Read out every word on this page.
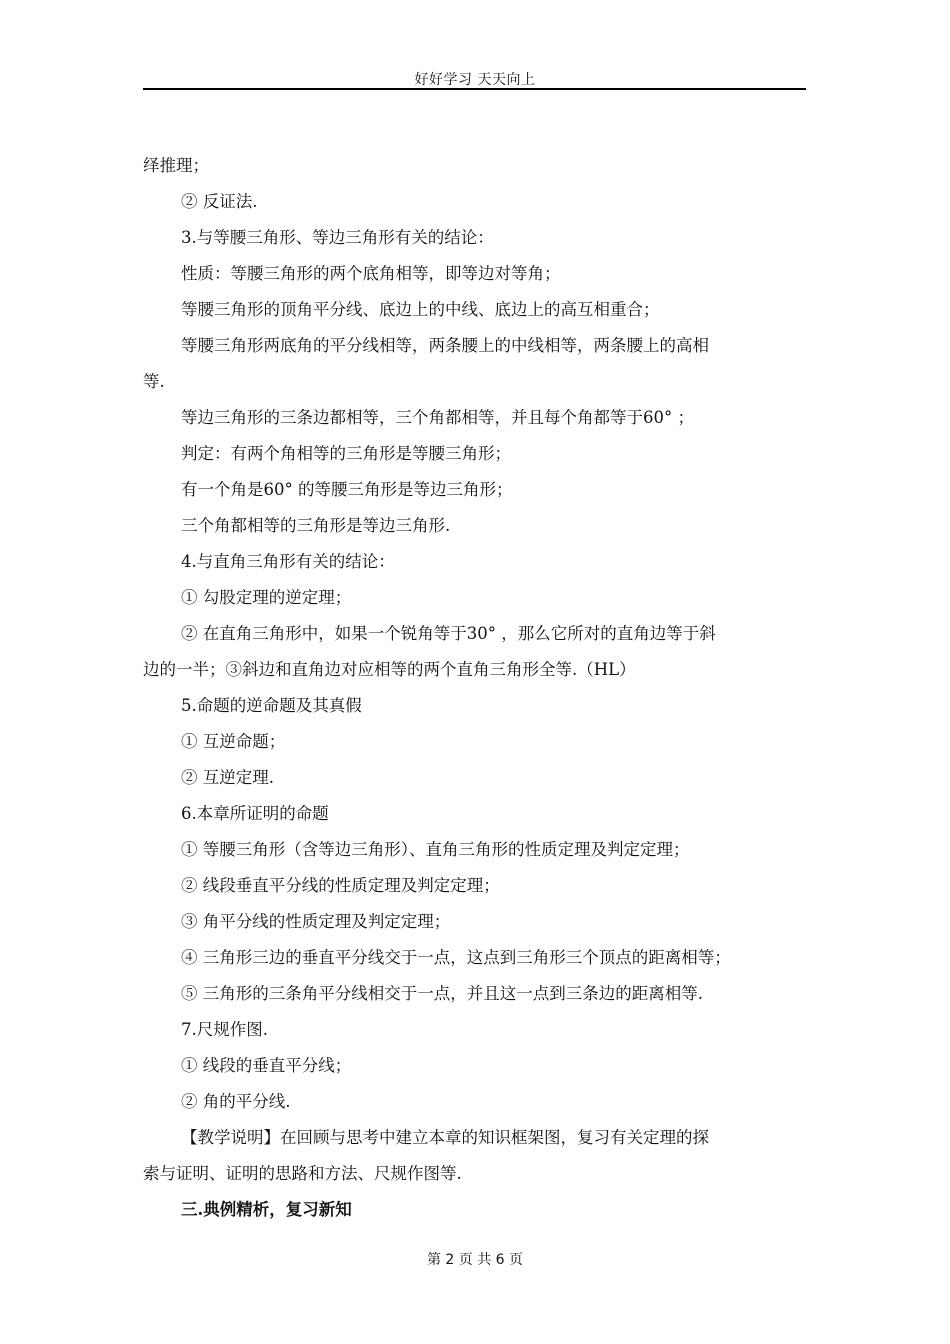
好好学习 天天向上
绎推理；
② 反证法.
3.与等腰三角形、等边三角形有关的结论：
性质：等腰三角形的两个底角相等，即等边对等角；
等腰三角形的顶角平分线、底边上的中线、底边上的高互相重合；
等腰三角形两底角的平分线相等，两条腰上的中线相等，两条腰上的高相
等.
等边三角形的三条边都相等，三个角都相等，并且每个角都等于60° ；
判定：有两个角相等的三角形是等腰三角形；
有一个角是60° 的等腰三角形是等边三角形；
三个角都相等的三角形是等边三角形.
4.与直角三角形有关的结论：
① 勾股定理的逆定理；
② 在直角三角形中，如果一个锐角等于30° ，那么它所对的直角边等于斜
边的一半；③斜边和直角边对应相等的两个直角三角形全等.（HL）
5.命题的逆命题及其真假
① 互逆命题；
② 互逆定理.
6.本章所证明的命题
① 等腰三角形（含等边三角形）、直角三角形的性质定理及判定定理；
② 线段垂直平分线的性质定理及判定定理；
③ 角平分线的性质定理及判定定理；
④ 三角形三边的垂直平分线交于一点，这点到三角形三个顶点的距离相等；
⑤ 三角形的三条角平分线相交于一点，并且这一点到三条边的距离相等.
7.尺规作图.
① 线段的垂直平分线；
② 角的平分线.
【教学说明】在回顾与思考中建立本章的知识框架图，复习有关定理的探
索与证明、证明的思路和方法、尺规作图等.
三.典例精析，复习新知
第 2 页 共 6 页
